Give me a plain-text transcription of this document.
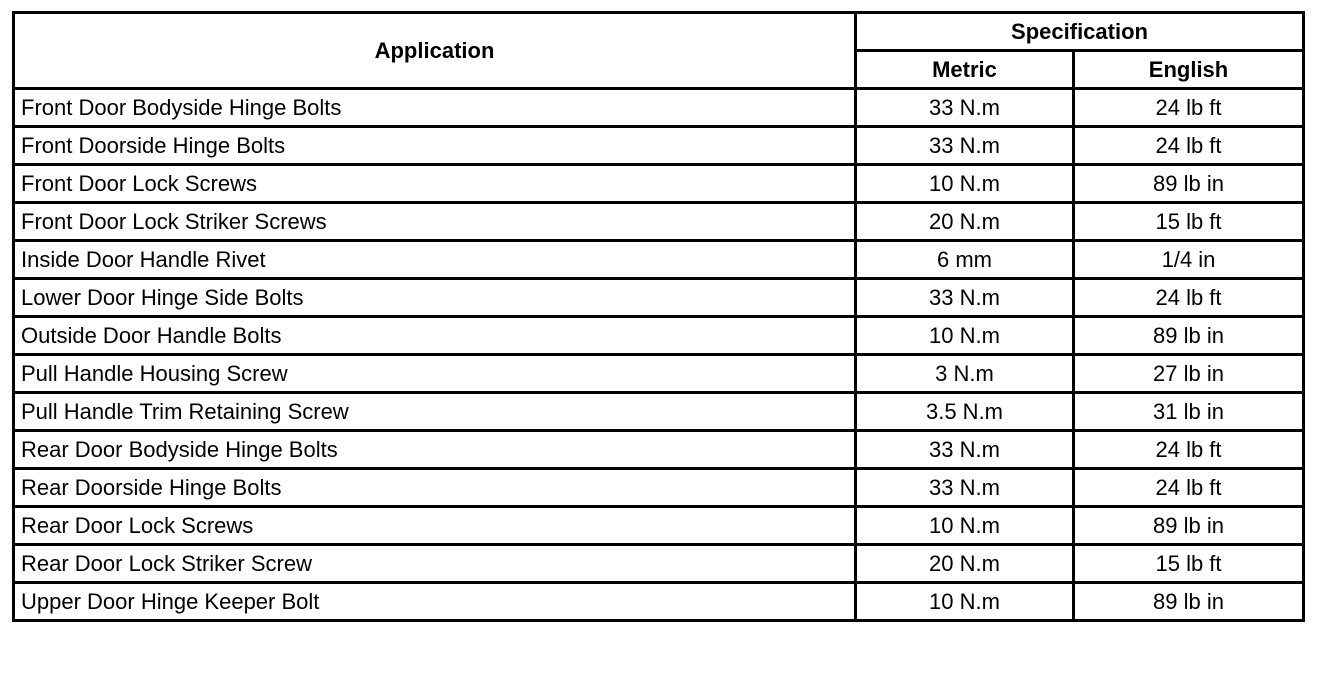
Application	Specification	
	Metric	English
Front Door Bodyside Hinge Bolts	33 N.m	24 lb ft
Front Doorside Hinge Bolts	33 N.m	24 lb ft
Front Door Lock Screws	10 N.m	89 lb in
Front Door Lock Striker Screws	20 N.m	15 lb ft
Inside Door Handle Rivet	6 mm	1/4 in
Lower Door Hinge Side Bolts	33 N.m	24 lb ft
Outside Door Handle Bolts	10 N.m	89 lb in
Pull Handle Housing Screw	3 N.m	27 lb in
Pull Handle Trim Retaining Screw	3.5 N.m	31 lb in
Rear Door Bodyside Hinge Bolts	33 N.m	24 lb ft
Rear Doorside Hinge Bolts	33 N.m	24 lb ft
Rear Door Lock Screws	10 N.m	89 lb in
Rear Door Lock Striker Screw	20 N.m	15 lb ft
Upper Door Hinge Keeper Bolt	10 N.m	89 lb in
